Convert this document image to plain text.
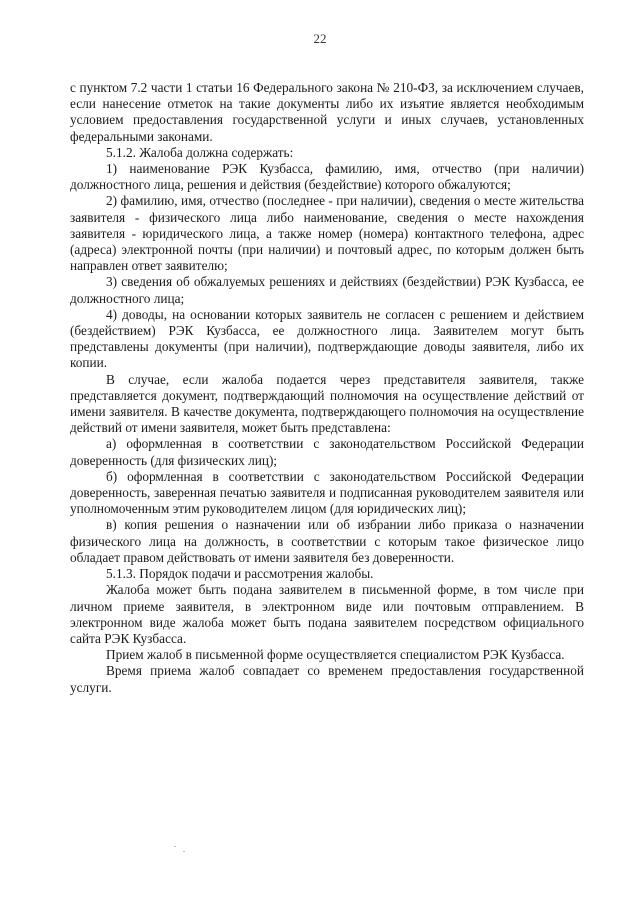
22

с пунктом 7.2 части 1 статьи 16 Федерального закона № 210-ФЗ, за исключением случаев, если нанесение отметок на такие документы либо их изъятие является необходимым условием предоставления государственной услуги и иных случаев, установленных федеральными законами.

5.1.2. Жалоба должна содержать:

1) наименование РЭК Кузбасса, фамилию, имя, отчество (при наличии) должностного лица, решения и действия (бездействие) которого обжалуются;

2) фамилию, имя, отчество (последнее - при наличии), сведения о месте жительства заявителя - физического лица либо наименование, сведения о месте нахождения заявителя - юридического лица, а также номер (номера) контактного телефона, адрес (адреса) электронной почты (при наличии) и почтовый адрес, по которым должен быть направлен ответ заявителю;

3) сведения об обжалуемых решениях и действиях (бездействии) РЭК Кузбасса, ее должностного лица;

4) доводы, на основании которых заявитель не согласен с решением и действием (бездействием) РЭК Кузбасса, ее должностного лица. Заявителем могут быть представлены документы (при наличии), подтверждающие доводы заявителя, либо их копии.

В случае, если жалоба подается через представителя заявителя, также представляется документ, подтверждающий полномочия на осуществление действий от имени заявителя. В качестве документа, подтверждающего полномочия на осуществление действий от имени заявителя, может быть представлена:

а) оформленная в соответствии с законодательством Российской Федерации доверенность (для физических лиц);

б) оформленная в соответствии с законодательством Российской Федерации доверенность, заверенная печатью заявителя и подписанная руководителем заявителя или уполномоченным этим руководителем лицом (для юридических лиц);

в) копия решения о назначении или об избрании либо приказа о назначении физического лица на должность, в соответствии с которым такое физическое лицо обладает правом действовать от имени заявителя без доверенности.

5.1.3. Порядок подачи и рассмотрения жалобы.

Жалоба может быть подана заявителем в письменной форме, в том числе при личном приеме заявителя, в электронном виде или почтовым отправлением. В электронном виде жалоба может быть подана заявителем посредством официального сайта РЭК Кузбасса.

Прием жалоб в письменной форме осуществляется специалистом РЭК Кузбасса.

Время приема жалоб совпадает со временем предоставления государственной услуги.
